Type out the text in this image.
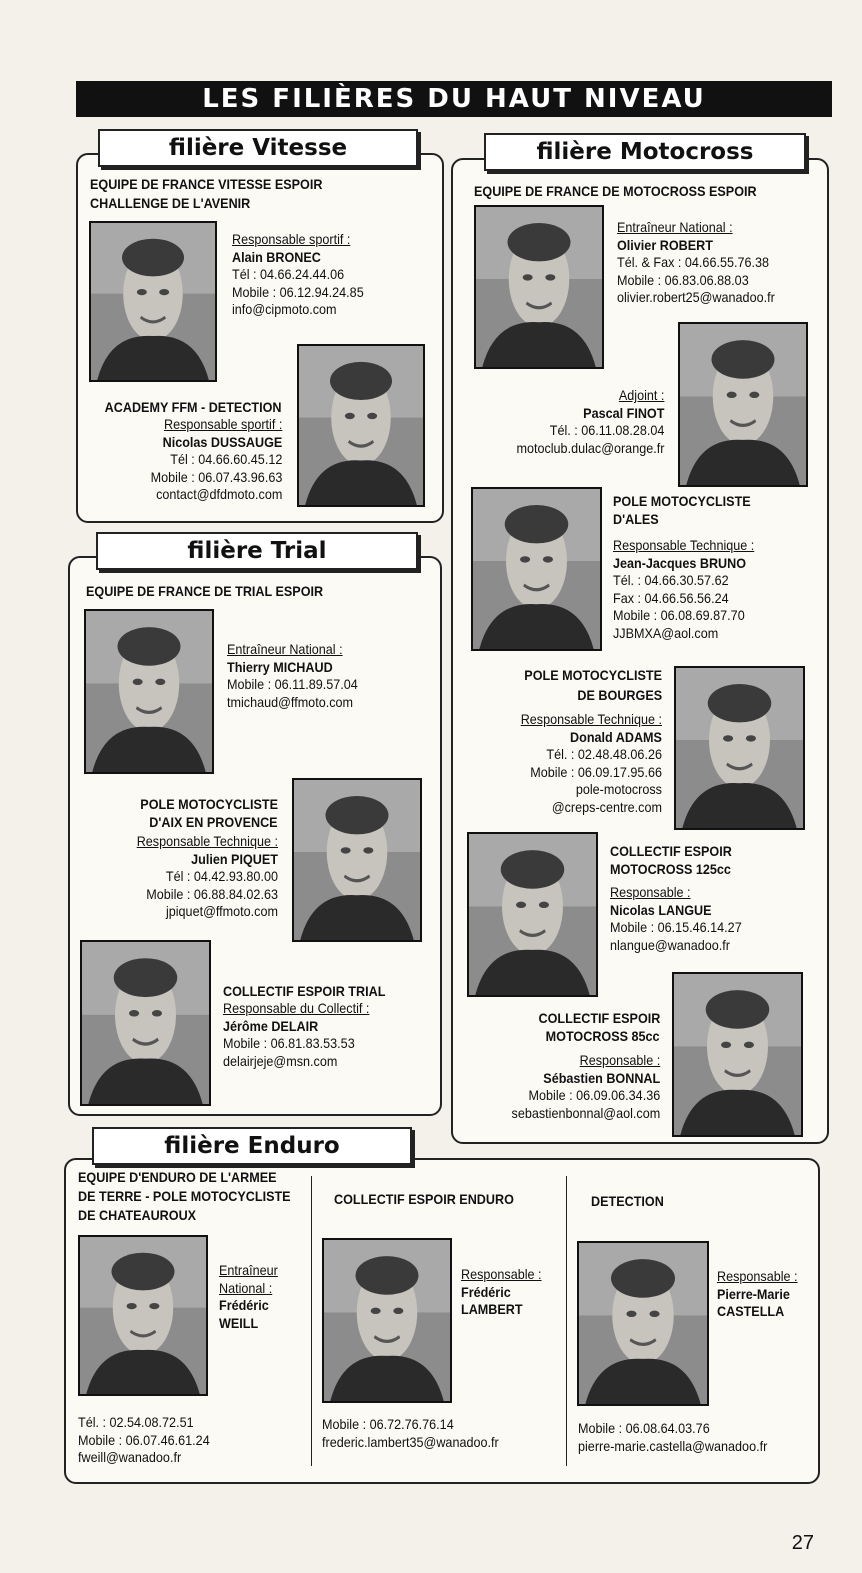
LES FILIÈRES DU HAUT NIVEAU
filière Vitesse
EQUIPE DE FRANCE VITESSE ESPOIR
CHALLENGE DE L'AVENIR
Responsable sportif :
Alain BRONEC
Tél : 04.66.24.44.06
Mobile : 06.12.94.24.85
info@cipmoto.com
ACADEMY FFM - DETECTION
Responsable sportif :
Nicolas DUSSAUGE
Tél : 04.66.60.45.12
Mobile : 06.07.43.96.63
contact@dfdmoto.com
filière Trial
EQUIPE DE FRANCE DE TRIAL ESPOIR
Entraîneur National :
Thierry MICHAUD
Mobile : 06.11.89.57.04
tmichaud@ffmoto.com
POLE MOTOCYCLISTE
D'AIX EN PROVENCE
Responsable Technique :
Julien PIQUET
Tél : 04.42.93.80.00
Mobile : 06.88.84.02.63
jpiquet@ffmoto.com
COLLECTIF ESPOIR TRIAL
Responsable du Collectif :
Jérôme DELAIR
Mobile : 06.81.83.53.53
delairjeje@msn.com
filière Motocross
EQUIPE DE FRANCE DE MOTOCROSS ESPOIR
Entraîneur National :
Olivier ROBERT
Tél. & Fax : 04.66.55.76.38
Mobile : 06.83.06.88.03
olivier.robert25@wanadoo.fr
Adjoint :
Pascal FINOT
Tél. : 06.11.08.28.04
motoclub.dulac@orange.fr
POLE MOTOCYCLISTE
D'ALES
Responsable Technique :
Jean-Jacques BRUNO
Tél. : 04.66.30.57.62
Fax : 04.66.56.56.24
Mobile : 06.08.69.87.70
JJBMXA@aol.com
POLE MOTOCYCLISTE
DE BOURGES
Responsable Technique :
Donald ADAMS
Tél. : 02.48.48.06.26
Mobile : 06.09.17.95.66
pole-motocross
@creps-centre.com
COLLECTIF ESPOIR
MOTOCROSS 125cc
Responsable :
Nicolas LANGUE
Mobile : 06.15.46.14.27
nlangue@wanadoo.fr
COLLECTIF ESPOIR
MOTOCROSS 85cc
Responsable :
Sébastien BONNAL
Mobile : 06.09.06.34.36
sebastienbonnal@aol.com
filière Enduro
EQUIPE D'ENDURO DE L'ARMEE
DE TERRE - POLE MOTOCYCLISTE
DE CHATEAUROUX
Entraîneur
National :
Frédéric
WEILL
Tél. : 02.54.08.72.51
Mobile : 06.07.46.61.24
fweill@wanadoo.fr
COLLECTIF ESPOIR ENDURO
Responsable :
Frédéric
LAMBERT
Mobile : 06.72.76.76.14
frederic.lambert35@wanadoo.fr
DETECTION
Responsable :
Pierre-Marie
CASTELLA
Mobile : 06.08.64.03.76
pierre-marie.castella@wanadoo.fr
27
